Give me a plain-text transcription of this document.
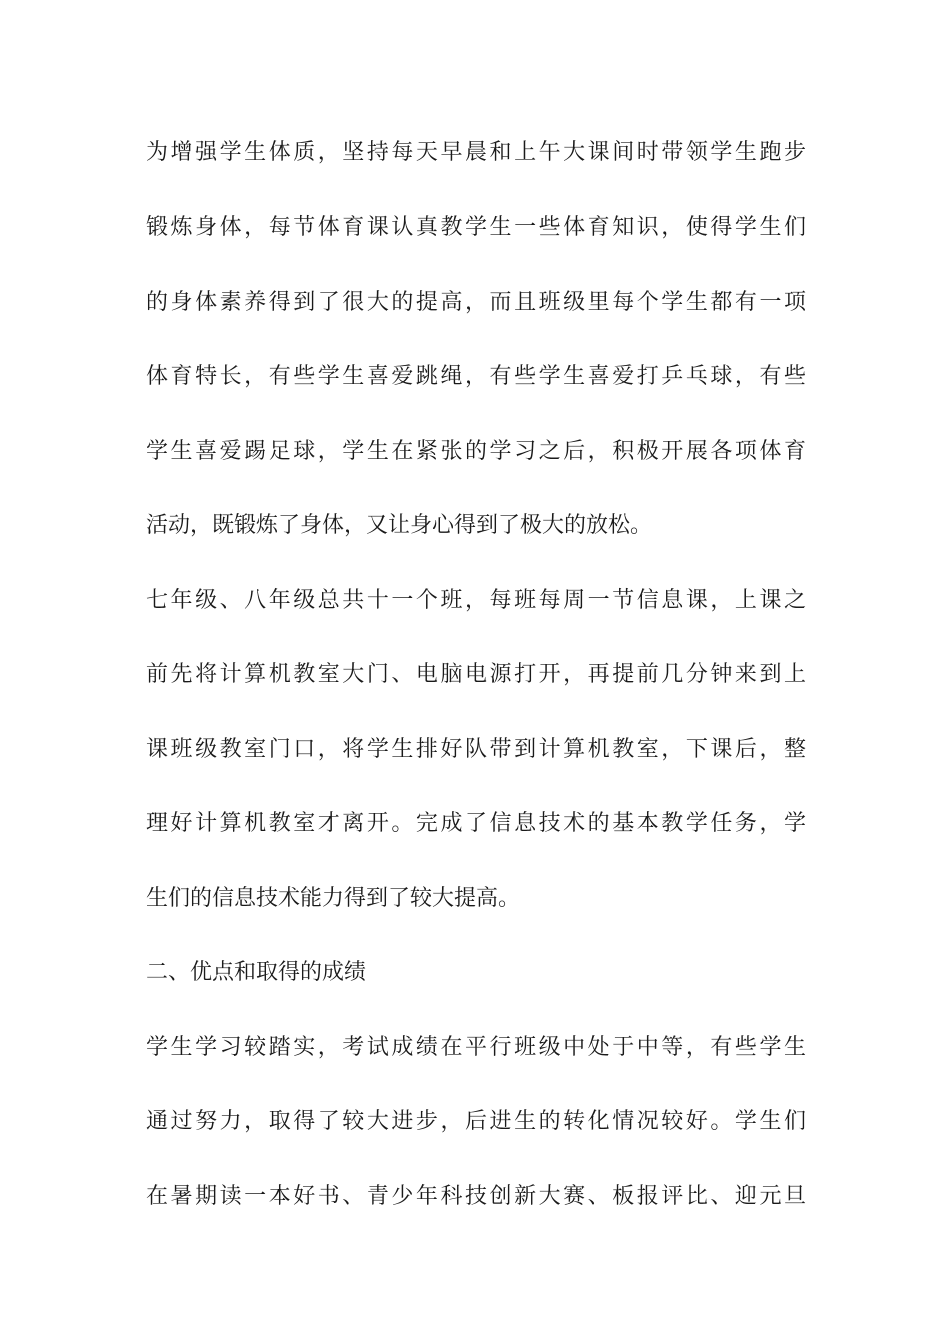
为增强学生体质，坚持每天早晨和上午大课间时带领学生跑步
锻炼身体，每节体育课认真教学生一些体育知识，使得学生们
的身体素养得到了很大的提高，而且班级里每个学生都有一项
体育特长，有些学生喜爱跳绳，有些学生喜爱打乒乓球，有些
学生喜爱踢足球，学生在紧张的学习之后，积极开展各项体育
活动，既锻炼了身体，又让身心得到了极大的放松。
七年级、八年级总共十一个班，每班每周一节信息课，上课之
前先将计算机教室大门、电脑电源打开，再提前几分钟来到上
课班级教室门口，将学生排好队带到计算机教室，下课后，整
理好计算机教室才离开。完成了信息技术的基本教学任务，学
生们的信息技术能力得到了较大提高。
二、优点和取得的成绩
学生学习较踏实，考试成绩在平行班级中处于中等，有些学生
通过努力，取得了较大进步，后进生的转化情况较好。学生们
在暑期读一本好书、青少年科技创新大赛、板报评比、迎元旦
